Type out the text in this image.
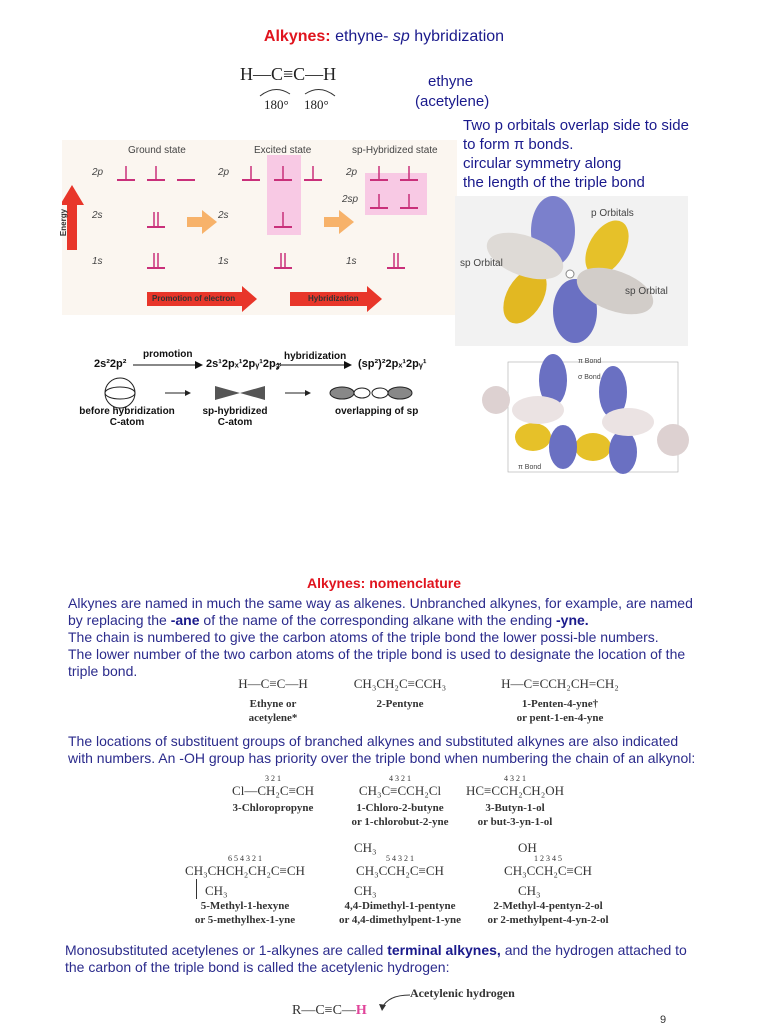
Alkynes: ethyne- sp hybridization
H—C≡C—H
180° 180°
ethyne
(acetylene)
Two p orbitals overlap side to side
to form π bonds.
circular symmetry along
the length of the triple bond
Ground state	Excited state	sp-Hybridized state
2p
2s
1s
2p
2s
1s
2p
2sp
1s
Energy
Promotion of electron	Hybridization
p Orbitals
sp Orbital
sp Orbital
2s²2p²
promotion
2s¹2pₓ¹2pᵧ¹2p𝓏
hybridization
(sp²)²2pₓ¹2pᵧ¹
before hybridization
C-atom
sp-hybridized
C-atom
overlapping of sp
π Bond
σ Bond
π Bond
Alkynes: nomenclature
Alkynes are named in much the same way as alkenes. Unbranched alkynes, for example, are named by replacing the -ane of the name of the corresponding alkane with the ending -yne.
The chain is numbered to give the carbon atoms of the triple bond the lower possi-ble numbers.
The lower number of the two carbon atoms of the triple bond is used to designate the location of the triple bond.
H—C≡C—H
Ethyne or
acetylene*
CH₃CH₂C≡CCH₃
2-Pentyne
H—C≡CCH₂CH=CH₂
1-Penten-4-yne†
or pent-1-en-4-yne
The locations of substituent groups of branched alkynes and substituted alkynes are also indicated with numbers. An -OH group has priority over the triple bond when numbering the chain of an alkynol:
3 2 1
Cl—CH₂C≡CH
3-Chloropropyne
4 3 2 1
CH₃C≡CCH₂Cl
1-Chloro-2-butyne
or 1-chlorobut-2-yne
4 3 2 1
HC≡CCH₂CH₂OH
3-Butyn-1-ol
or but-3-yn-1-ol
6 5 4 3 2 1
CH₃CHCH₂CH₂C≡CH
CH₃
5-Methyl-1-hexyne
or 5-methylhex-1-yne
CH₃
5 4 3 2 1
CH₃CCH₂C≡CH
CH₃
4,4-Dimethyl-1-pentyne
or 4,4-dimethylpent-1-yne
OH
1 2 3 4 5
CH₃CCH₂C≡CH
CH₃
2-Methyl-4-pentyn-2-ol
or 2-methylpent-4-yn-2-ol
Monosubstituted acetylenes or 1-alkynes are called terminal alkynes, and the hydrogen attached to the carbon of the triple bond is called the acetylenic hydrogen:
Acetylenic hydrogen
R—C≡C—H
9
